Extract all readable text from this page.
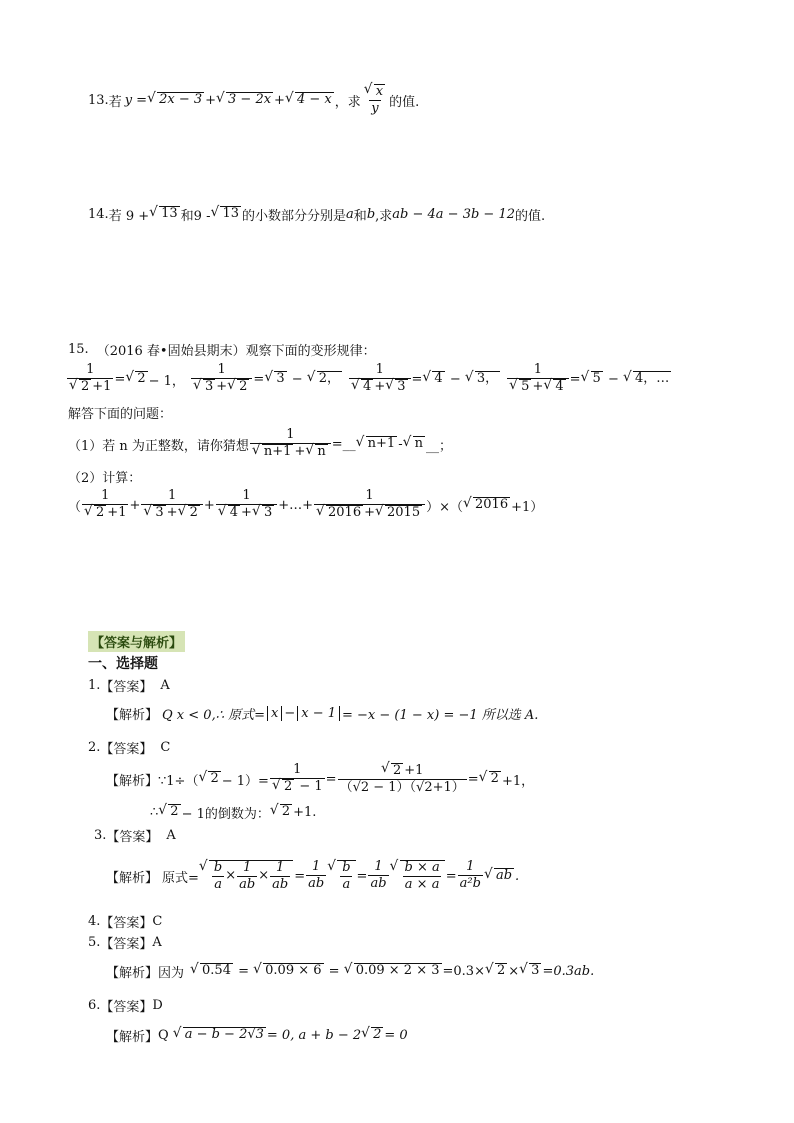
13. 若 y = √ 2x − 3 + √ 3 − 2x + √ 4 − x ，求 √ $\frac{x}{y}$ 的值.
14. 若 9 + √ 13 和9 - √ 13 的小数部分分别是 a 和 b ,求 ab − 4a − 3b − 12 的值.
15. （2016 春•固始县期末）观察下面的变形规律：
1
√ 2 +1 = √ 2 − 1， 1
√ 3 + √ 2 = √ 3 − √ 2， 1
√ 4 + √ 3 = √ 4 − √ 3， 1
√ 5 + √ 4 = √ 5 − √ 4，…
解答下面的问题：
（1）若 n 为正整数，请你猜想 1
√ n+1 + √ n =__ √ n+1 - √ n __；
（2）计算：
（ 1
√ 2 +1 + 1
√ 3 + √ 2 + 1
√ 4 + √ 3 +…+ 1
√ 2016 + √ 2015 ）×（ √ 2016 +1）
【答案与解析】
一、选择题
1. 【答案】 A
【解析】 Q x < 0,∴ 原式= x − x − 1 = −x − (1 − x) = −1 所以选 A.
2. 【答案】 C
【解析】 ∵1÷（ √ 2 − 1）= 1
√ 2 − 1 = √ $\frac{2 +1}{(√2 - 1)(√2+1)}$ = √ 2 +1，
∴ √ 2 − 1的倒数为： √ 2 +1.
3. 【答案】 A
【解析】 原式= √ $\frac{b}{a} \times \frac{1}{ab} \times \frac{1}{ab} = \frac{1}{ab}$ √ $\frac{b}{a} = \frac{1}{ab}$ √ $\frac{b \times a}{a \times a} = \frac{1}{\text{a²b}}$	√ ab .
4. 【答案】 C
5. 【答案】 A
【解析】 因为	√ 0.54 = √ 0.09 × 6 = √ 0.09 × 2 × 3 =0.3× √ 2 × √ 3 =0.3ab.
6. 【答案】 D
【解析】 Q	√ a − b − 2√3 = 0, a + b − 2 √ 2 = 0
